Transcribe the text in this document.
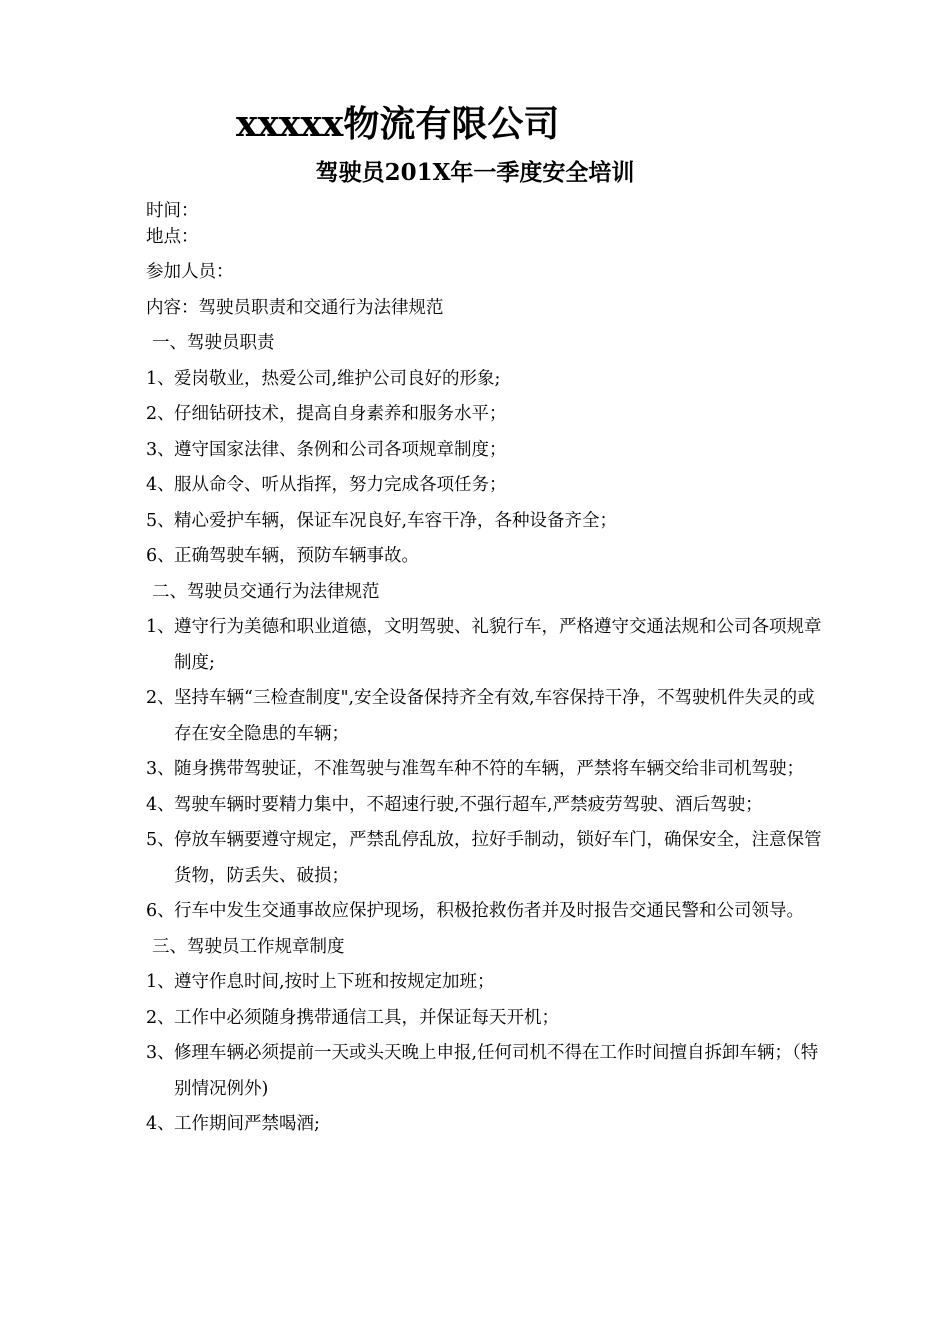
xxxxx物流有限公司
驾驶员201X年一季度安全培训
时间：
地点：
参加人员：
内容：驾驶员职责和交通行为法律规范
一、驾驶员职责
1、爱岗敬业，热爱公司,维护公司良好的形象;
2、仔细钻研技术，提高自身素养和服务水平；
3、遵守国家法律、条例和公司各项规章制度；
4、服从命令、听从指挥，努力完成各项任务；
5、精心爱护车辆，保证车况良好,车容干净，各种设备齐全；
6、正确驾驶车辆，预防车辆事故。
二、驾驶员交通行为法律规范
1、遵守行为美德和职业道德，文明驾驶、礼貌行车，严格遵守交通法规和公司各项规章制度;
2、坚持车辆“三检查制度",安全设备保持齐全有效,车容保持干净，不驾驶机件失灵的或存在安全隐患的车辆；
3、随身携带驾驶证，不准驾驶与准驾车种不符的车辆，严禁将车辆交给非司机驾驶；
4、驾驶车辆时要精力集中，不超速行驶,不强行超车,严禁疲劳驾驶、酒后驾驶；
5、停放车辆要遵守规定，严禁乱停乱放，拉好手制动，锁好车门，确保安全，注意保管货物，防丢失、破损；
6、行车中发生交通事故应保护现场，积极抢救伤者并及时报告交通民警和公司领导。
三、驾驶员工作规章制度
1、遵守作息时间,按时上下班和按规定加班；
2、工作中必须随身携带通信工具，并保证每天开机；
3、修理车辆必须提前一天或头天晚上申报,任何司机不得在工作时间擅自拆卸车辆；（特别情况例外)
4、工作期间严禁喝酒;
